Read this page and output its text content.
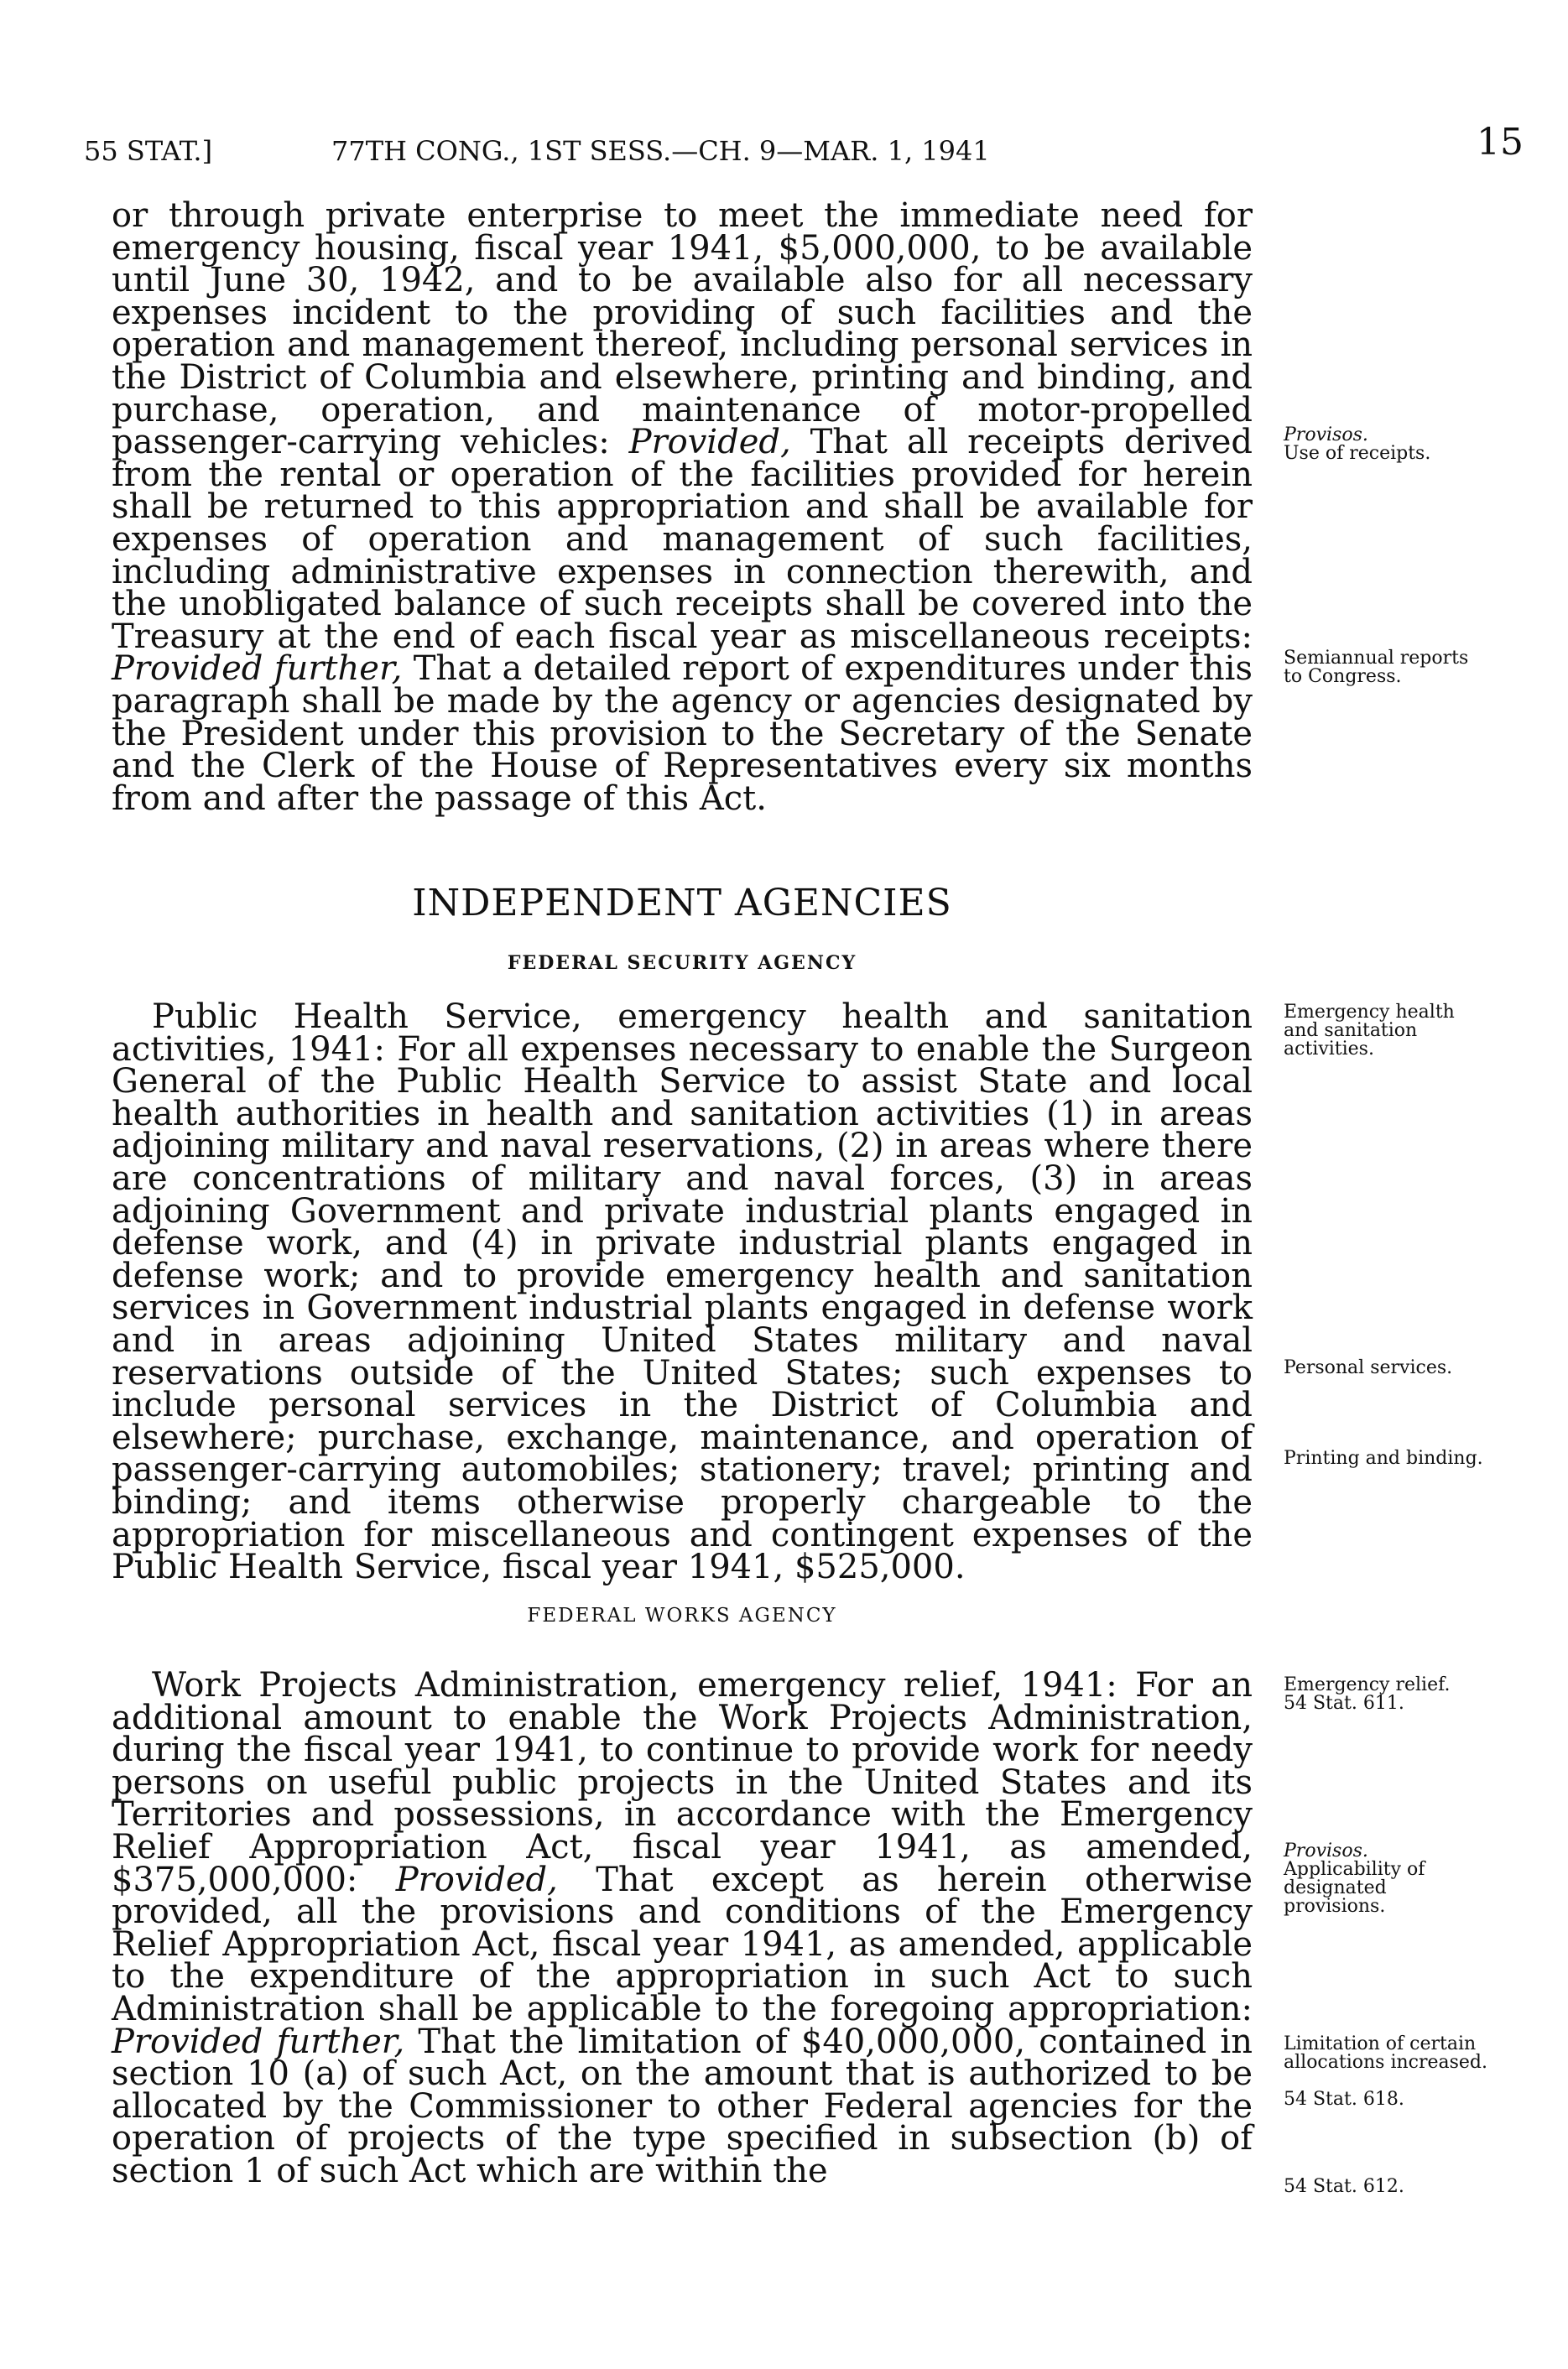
55 STAT.]	77TH CONG., 1ST SESS.—CH. 9—MAR. 1, 1941	15

or through private enterprise to meet the immediate need for emergency housing, fiscal year 1941, $5,000,000, to be available until June 30, 1942, and to be available also for all necessary expenses incident to the providing of such facilities and the operation and management thereof, including personal services in the District of Columbia and elsewhere, printing and binding, and purchase, operation, and maintenance of motor-propelled passenger-carrying vehicles: Provided, That all receipts derived from the rental or operation of the facilities provided for herein shall be returned to this appropriation and shall be available for expenses of operation and management of such facilities, including administrative expenses in connection therewith, and the unobligated balance of such receipts shall be covered into the Treasury at the end of each fiscal year as miscellaneous receipts: Provided further, That a detailed report of expenditures under this paragraph shall be made by the agency or agencies designated by the President under this provision to the Secretary of the Senate and the Clerk of the House of Representatives every six months from and after the passage of this Act.

INDEPENDENT AGENCIES

FEDERAL SECURITY AGENCY

Public Health Service, emergency health and sanitation activities, 1941: For all expenses necessary to enable the Surgeon General of the Public Health Service to assist State and local health authorities in health and sanitation activities (1) in areas adjoining military and naval reservations, (2) in areas where there are concentrations of military and naval forces, (3) in areas adjoining Government and private industrial plants engaged in defense work, and (4) in private industrial plants engaged in defense work; and to provide emergency health and sanitation services in Government industrial plants engaged in defense work and in areas adjoining United States military and naval reservations outside of the United States; such expenses to include personal services in the District of Columbia and elsewhere; purchase, exchange, maintenance, and operation of passenger-carrying automobiles; stationery; travel; printing and binding; and items otherwise properly chargeable to the appropriation for miscellaneous and contingent expenses of the Public Health Service, fiscal year 1941, $525,000.

FEDERAL WORKS AGENCY

Work Projects Administration, emergency relief, 1941: For an additional amount to enable the Work Projects Administration, during the fiscal year 1941, to continue to provide work for needy persons on useful public projects in the United States and its Territories and possessions, in accordance with the Emergency Relief Appropriation Act, fiscal year 1941, as amended, $375,000,000: Provided, That except as herein otherwise provided, all the provisions and conditions of the Emergency Relief Appropriation Act, fiscal year 1941, as amended, applicable to the expenditure of the appropriation in such Act to such Administration shall be applicable to the foregoing appropriation: Provided further, That the limitation of $40,000,000, contained in section 10 (a) of such Act, on the amount that is authorized to be allocated by the Commissioner to other Federal agencies for the operation of projects of the type specified in subsection (b) of section 1 of such Act which are within the

Provisos.
Use of receipts.
Semiannual reports to Congress.
Emergency health and sanitation activities.
Personal services.
Printing and binding.
Emergency relief.
54 Stat. 611.
Provisos.
Applicability of designated provisions.
Limitation of certain allocations increased.
54 Stat. 618.
54 Stat. 612.
